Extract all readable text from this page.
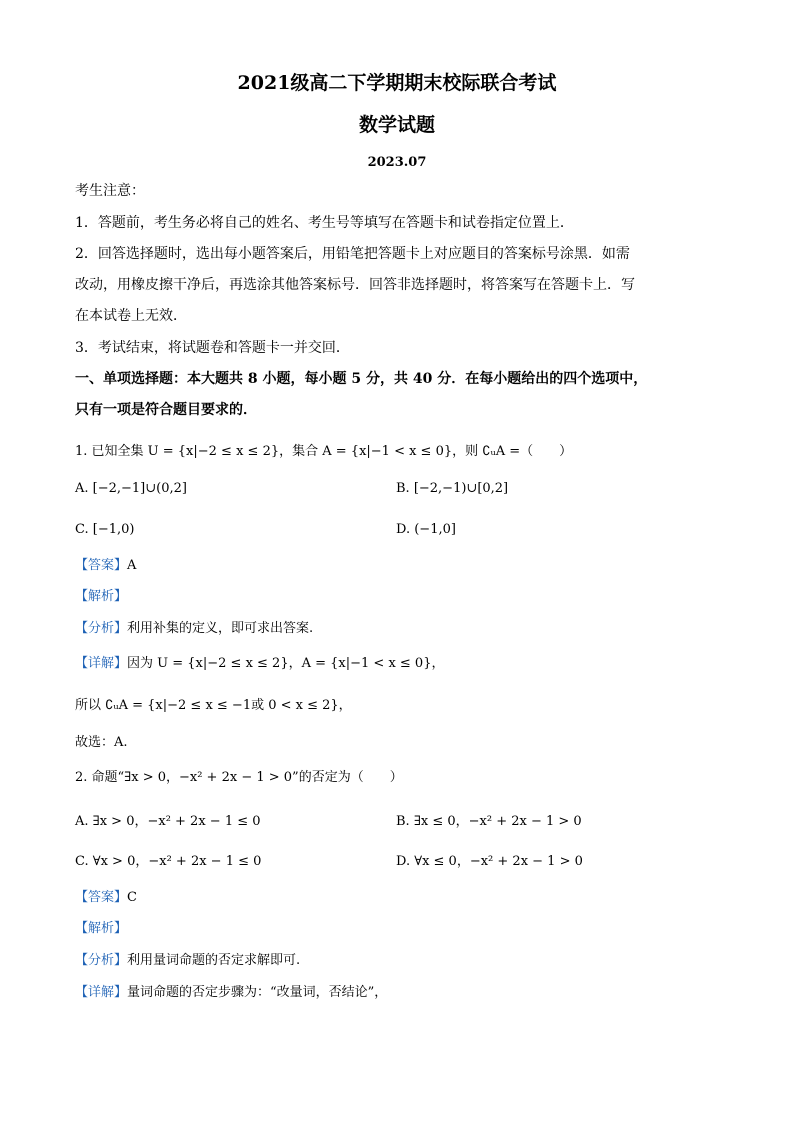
2021级高二下学期期末校际联合考试
数学试题
2023.07
考生注意：
1．答题前，考生务必将自己的姓名、考生号等填写在答题卡和试卷指定位置上．
2．回答选择题时，选出每小题答案后，用铅笔把答题卡上对应题目的答案标号涂黑．如需
改动，用橡皮擦干净后，再选涂其他答案标号．回答非选择题时，将答案写在答题卡上．写
在本试卷上无效．
3．考试结束，将试题卷和答题卡一并交回．
一、单项选择题：本大题共 8 小题，每小题 5 分，共 40 分．在每小题给出的四个选项中，
只有一项是符合题目要求的．
1. 已知全集 U = {x|−2 ≤ x ≤ 2}，集合 A = {x|−1 < x ≤ 0}，则 ∁ᵤA =（　　）
A. [−2,−1]∪(0,2]	B. [−2,−1)∪[0,2]
C. [−1,0)	D. (−1,0]
【答案】A
【解析】
【分析】利用补集的定义，即可求出答案.
【详解】因为 U = {x|−2 ≤ x ≤ 2}，A = {x|−1 < x ≤ 0}，
所以 ∁ᵤA = {x|−2 ≤ x ≤ −1或 0 < x ≤ 2}，
故选：A.
2. 命题“∃x > 0，−x² + 2x − 1 > 0”的否定为（　　）
A. ∃x > 0，−x² + 2x − 1 ≤ 0	B. ∃x ≤ 0，−x² + 2x − 1 > 0
C. ∀x > 0，−x² + 2x − 1 ≤ 0	D. ∀x ≤ 0，−x² + 2x − 1 > 0
【答案】C
【解析】
【分析】利用量词命题的否定求解即可.
【详解】量词命题的否定步骤为：“改量词，否结论”，
